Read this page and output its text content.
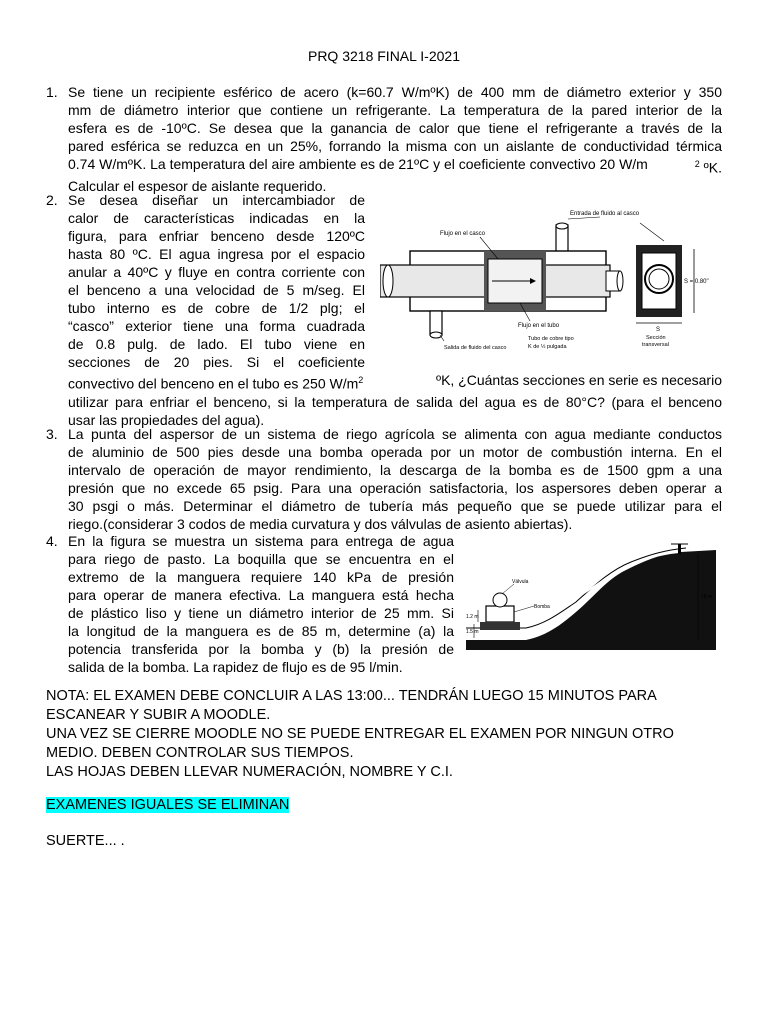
PRQ 3218 FINAL I-2021
1. Se tiene un recipiente esférico de acero (k=60.7 W/mºK) de 400 mm de diámetro exterior y 350
mm de diámetro interior que contiene un refrigerante. La temperatura de la pared interior de la
esfera es de -10ºC. Se desea que la ganancia de calor que tiene el refrigerante a través de la
pared esférica se reduzca en un 25%, forrando la misma con un aislante de conductividad térmica
0.74 W/mºK. La temperatura del aire ambiente es de 21ºC y el coeficiente convectivo 20 W/m	$^2$ ºK.
Calcular el espesor de aislante requerido.
2. Se desea diseñar un intercambiador de
calor de características indicadas en la
figura, para enfriar benceno desde 120ºC
hasta 80 ºC. El agua ingresa por el espacio
anular a 40ºC y fluye en contra corriente con
el benceno a una velocidad de 5 m/seg. El
tubo interno es de cobre de 1/2 plg; el
“casco” exterior tiene una forma cuadrada
de 0.8 pulg. de lado. El tubo viene en
secciones de 20 pies. Si el coeficiente
convectivo del benceno en el tubo es 250 $W/m^2$	ºK, ¿Cuántas secciones en serie es necesario
utilizar para enfriar el benceno, si la temperatura de salida del agua es de 80°C? (para el benceno
usar las propiedades del agua).
Entrada de fluido al casco
Flujo en el casco
Flujo en el tubo
Tubo de cobre tipo
K de ½ pulgada
Salida de fluido del casco
S = 0.80"
S
Sección
transversal
3. La punta del aspersor de un sistema de riego agrícola se alimenta con agua mediante conductos
de aluminio de 500 pies desde una bomba operada por un motor de combustión interna. En el
intervalo de operación de mayor rendimiento, la descarga de la bomba es de 1500 gpm a una
presión que no excede 65 psig. Para una operación satisfactoria, los aspersores deben operar a
30 psgi o más. Determinar el diámetro de tubería más pequeño que se puede utilizar para el
riego.(considerar 3 codos de media curvatura y dos válvulas de asiento abiertas).
4. En la figura se muestra un sistema para entrega de agua
para riego de pasto. La boquilla que se encuentra en el
extremo de la manguera requiere 140 kPa de presión
para operar de manera efectiva. La manguera está hecha
de plástico liso y tiene un diámetro interior de 25 mm. Si
la longitud de la manguera es de 85 m, determine (a) la
potencia transferida por la bomba y (b) la presión de
salida de la bomba. La rapidez de flujo es de 95 l/min.
Válvula
Bomba
1.2 m
1.5 m
18 m
NOTA: EL EXAMEN DEBE CONCLUIR A LAS 13:00... TENDRÁN LUEGO 15 MINUTOS PARA
ESCANEAR Y SUBIR A MOODLE.
UNA VEZ SE CIERRE MOODLE NO SE PUEDE ENTREGAR EL EXAMEN POR NINGUN OTRO
MEDIO. DEBEN CONTROLAR SUS TIEMPOS.
LAS HOJAS DEBEN LLEVAR NUMERACIÓN, NOMBRE Y C.I.
EXAMENES IGUALES SE ELIMINAN
SUERTE... .
